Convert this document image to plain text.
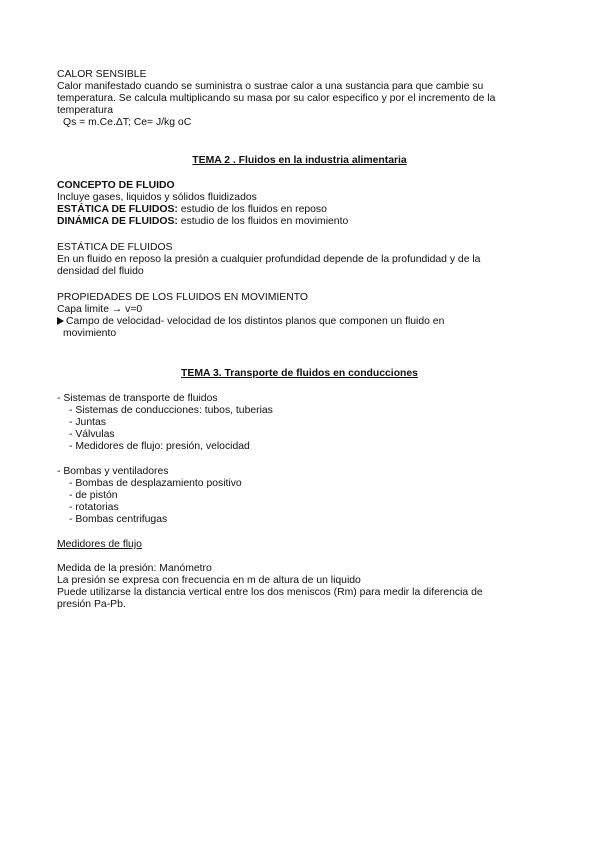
CALOR SENSIBLE
Calor manifestado cuando se suministra o sustrae calor a una sustancia para que cambie su
temperatura. Se calcula multiplicando su masa por su calor especifico y por el incremento de la
temperatura
Qs = m.Ce.ΔT; Ce= J/kg oC
TEMA 2 . Fluidos en la industria alimentaria
CONCEPTO DE FLUIDO
Incluye gases, liquidos y sólidos fluidizados
ESTÁTICA DE FLUIDOS: estudio de los fluidos en reposo
DINÁMICA DE FLUIDOS: estudio de los fluidos en movimiento
ESTÁTICA DE FLUIDOS
En un fluido en reposo la presión a cualquier profundidad depende de la profundidad y de la
densidad del fluido
PROPIEDADES DE LOS FLUIDOS EN MOVIMIENTO
Capa limite → v=0
Campo de velocidad- velocidad de los distintos planos que componen un fluido en
movimiento
TEMA 3. Transporte de fluidos en conducciones
- Sistemas de transporte de fluidos
- Sistemas de conducciones: tubos, tuberias
- Juntas
- Válvulas
- Medidores de flujo: presión, velocidad
- Bombas y ventiladores
- Bombas de desplazamiento positivo
- de pistón
- rotatorias
- Bombas centrifugas
Medidores de flujo
Medida de la presión: Manómetro
La presión se expresa con frecuencia en m de altura de un liquido
Puede utilizarse la distancia vertical entre los dos meniscos (Rm) para medir la diferencia de
presión Pa-Pb.
